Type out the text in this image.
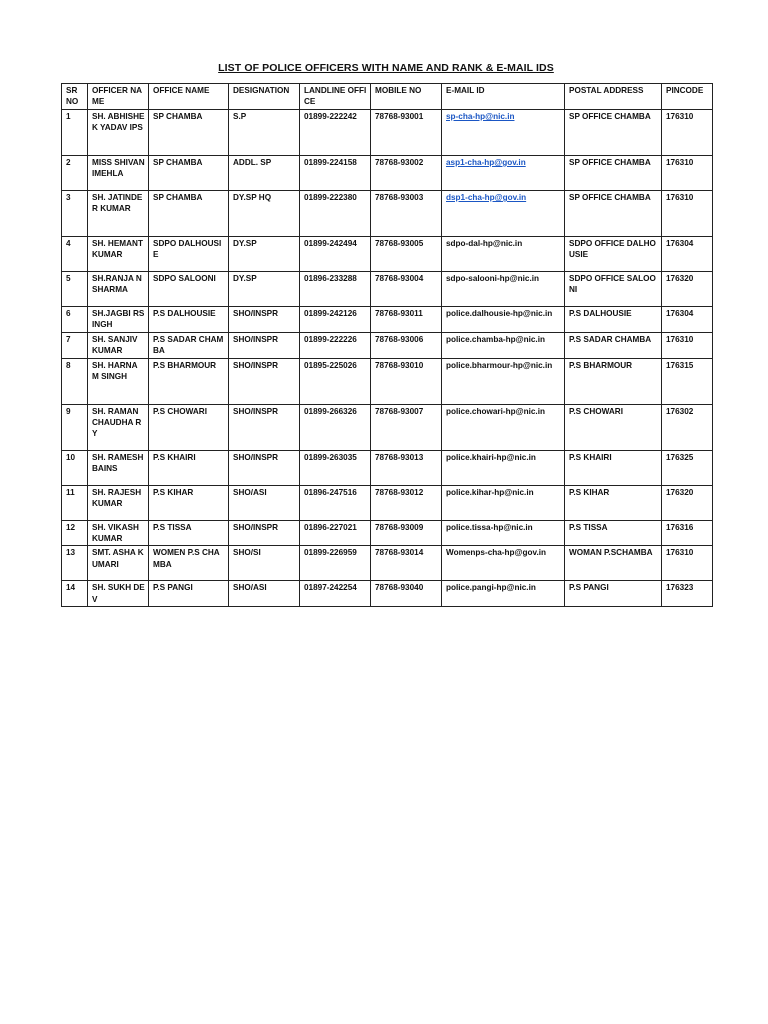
LIST OF POLICE OFFICERS WITH NAME AND RANK & E-MAIL IDS
SR NO	OFFICER NAME	OFFICE NAME	DESIGNATION	LANDLINE OFFICE	MOBILE NO	E-MAIL ID	POSTAL ADDRESS	PINCODE
1	SH. ABHISHEK YADAV IPS	SP CHAMBA	S.P	01899-222242	78768-93001	sp-cha-hp@nic.in	SP OFFICE CHAMBA	176310
2	MISS SHIVAN IMEHLA	SP CHAMBA	ADDL. SP	01899-224158	78768-93002	asp1-cha-hp@gov.in	SP OFFICE CHAMBA	176310
3	SH. JATINDE R KUMAR	SP CHAMBA	DY.SP HQ	01899-222380	78768-93003	dsp1-cha-hp@gov.in	SP OFFICE CHAMBA	176310
4	SH. HEMANT KUMAR	SDPO DALHOUSI E	DY.SP	01899-242494	78768-93005	sdpo-dal-hp@nic.in	SDPO OFFICE DALHOUSIE	176304
5	SH.RANJA NSHARMA	SDPO SALOONI	DY.SP	01896-233288	78768-93004	sdpo-salooni-hp@nic.in	SDPO OFFICE SALOONI	176320
6	SH.JAGBI RSINGH	P.S DALHOUSIE	SHO/INSPR	01899-242126	78768-93011	police.dalhousie-hp@nic.in	P.S DALHOUSIE	176304
7	SH. SANJIV KUMAR	P.S SADAR CHAMBA	SHO/INSPR	01899-222226	78768-93006	police.chamba-hp@nic.in	P.S SADAR CHAMBA	176310
8	SH. HARNA M SINGH	P.S BHARMOUR	SHO/INSPR	01895-225026	78768-93010	police.bharmour-hp@nic.in	P.S BHARMOUR	176315
9	SH. RAMAN CHAUDHA RY	P.S CHOWARI	SHO/INSPR	01899-266326	78768-93007	police.chowari-hp@nic.in	P.S CHOWARI	176302
10	SH. RAMESH BAINS	P.S KHAIRI	SHO/INSPR	01899-263035	78768-93013	police.khairi-hp@nic.in	P.S KHAIRI	176325
11	SH. RAJESH KUMAR	P.S KIHAR	SHO/ASI	01896-247516	78768-93012	police.kihar-hp@nic.in	P.S KIHAR	176320
12	SH. VIKASH KUMAR	P.S TISSA	SHO/INSPR	01896-227021	78768-93009	police.tissa-hp@nic.in	P.S TISSA	176316
13	SMT. ASHA KUMARI	WOMEN P.S CHAMBA	SHO/SI	01899-226959	78768-93014	Womenps-cha-hp@gov.in	WOMAN P.SCHAMBA	176310
14	SH. SUKH DEV	P.S PANGI	SHO/ASI	01897-242254	78768-93040	police.pangi-hp@nic.in	P.S PANGI	176323
